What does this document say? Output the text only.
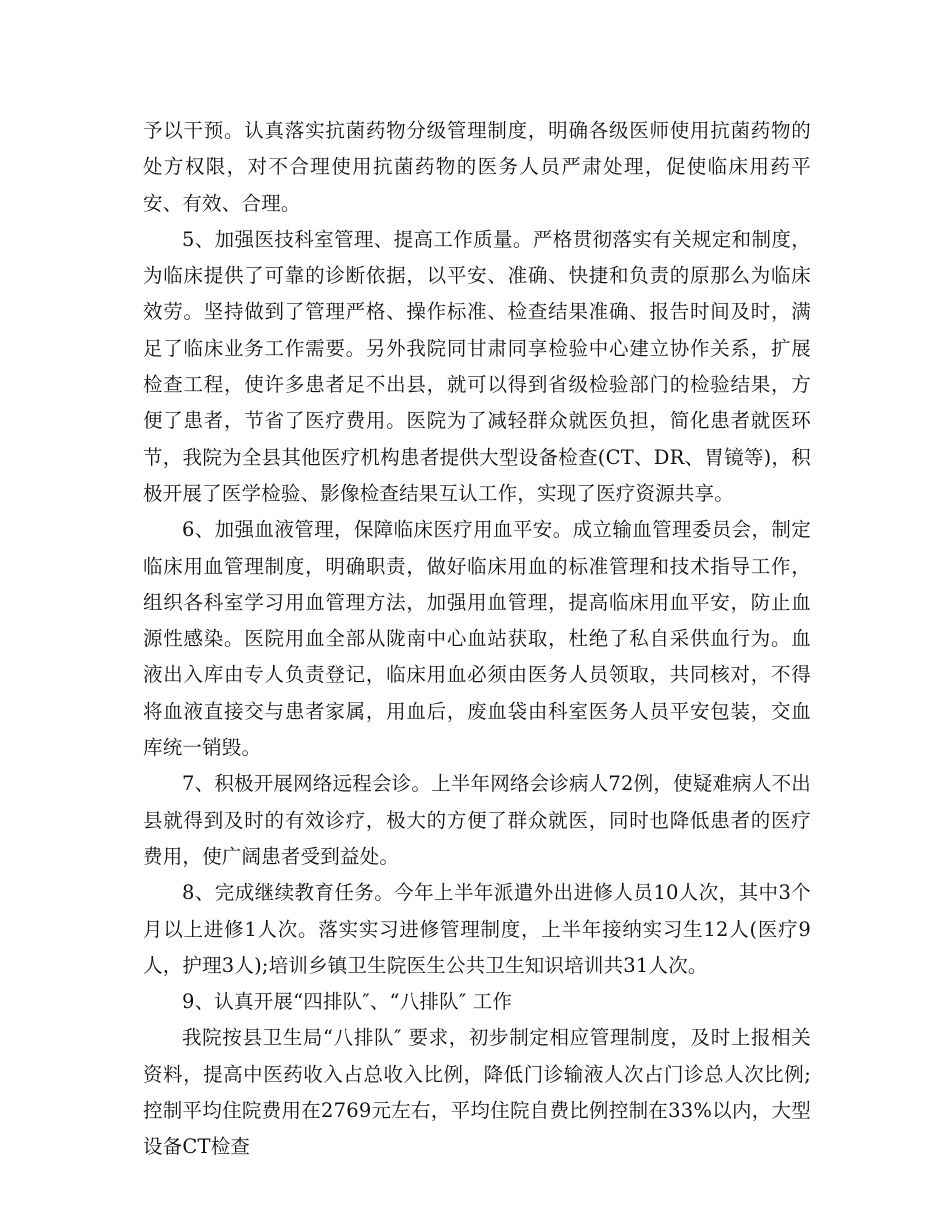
予以干预。认真落实抗菌药物分级管理制度，明确各级医师使用抗菌药物的处方权限，对不合理使用抗菌药物的医务人员严肃处理，促使临床用药平安、有效、合理。

5、加强医技科室管理、提高工作质量。严格贯彻落实有关规定和制度，为临床提供了可靠的诊断依据，以平安、准确、快捷和负责的原那么为临床效劳。坚持做到了管理严格、操作标准、检查结果准确、报告时间及时，满足了临床业务工作需要。另外我院同甘肃同享检验中心建立协作关系，扩展检查工程，使许多患者足不出县，就可以得到省级检验部门的检验结果，方便了患者，节省了医疗费用。医院为了减轻群众就医负担，简化患者就医环节，我院为全县其他医疗机构患者提供大型设备检查(CT、DR、胃镜等)，积极开展了医学检验、影像检查结果互认工作，实现了医疗资源共享。

6、加强血液管理，保障临床医疗用血平安。成立输血管理委员会，制定临床用血管理制度，明确职责，做好临床用血的标准管理和技术指导工作，组织各科室学习用血管理方法，加强用血管理，提高临床用血平安，防止血源性感染。医院用血全部从陇南中心血站获取，杜绝了私自采供血行为。血液出入库由专人负责登记，临床用血必须由医务人员领取，共同核对，不得将血液直接交与患者家属，用血后，废血袋由科室医务人员平安包装，交血库统一销毁。

7、积极开展网络远程会诊。上半年网络会诊病人72例，使疑难病人不出县就得到及时的有效诊疗，极大的方便了群众就医，同时也降低患者的医疗费用，使广阔患者受到益处。

8、完成继续教育任务。今年上半年派遣外出进修人员10人次，其中3个月以上进修1人次。落实实习进修管理制度，上半年接纳实习生12人(医疗9人，护理3人);培训乡镇卫生院医生公共卫生知识培训共31人次。

9、认真开展“四排队″、“八排队″ 工作

我院按县卫生局“八排队″ 要求，初步制定相应管理制度，及时上报相关资料，提高中医药收入占总收入比例，降低门诊输液人次占门诊总人次比例;控制平均住院费用在2769元左右，平均住院自费比例控制在33%以内，大型设备CT检查
